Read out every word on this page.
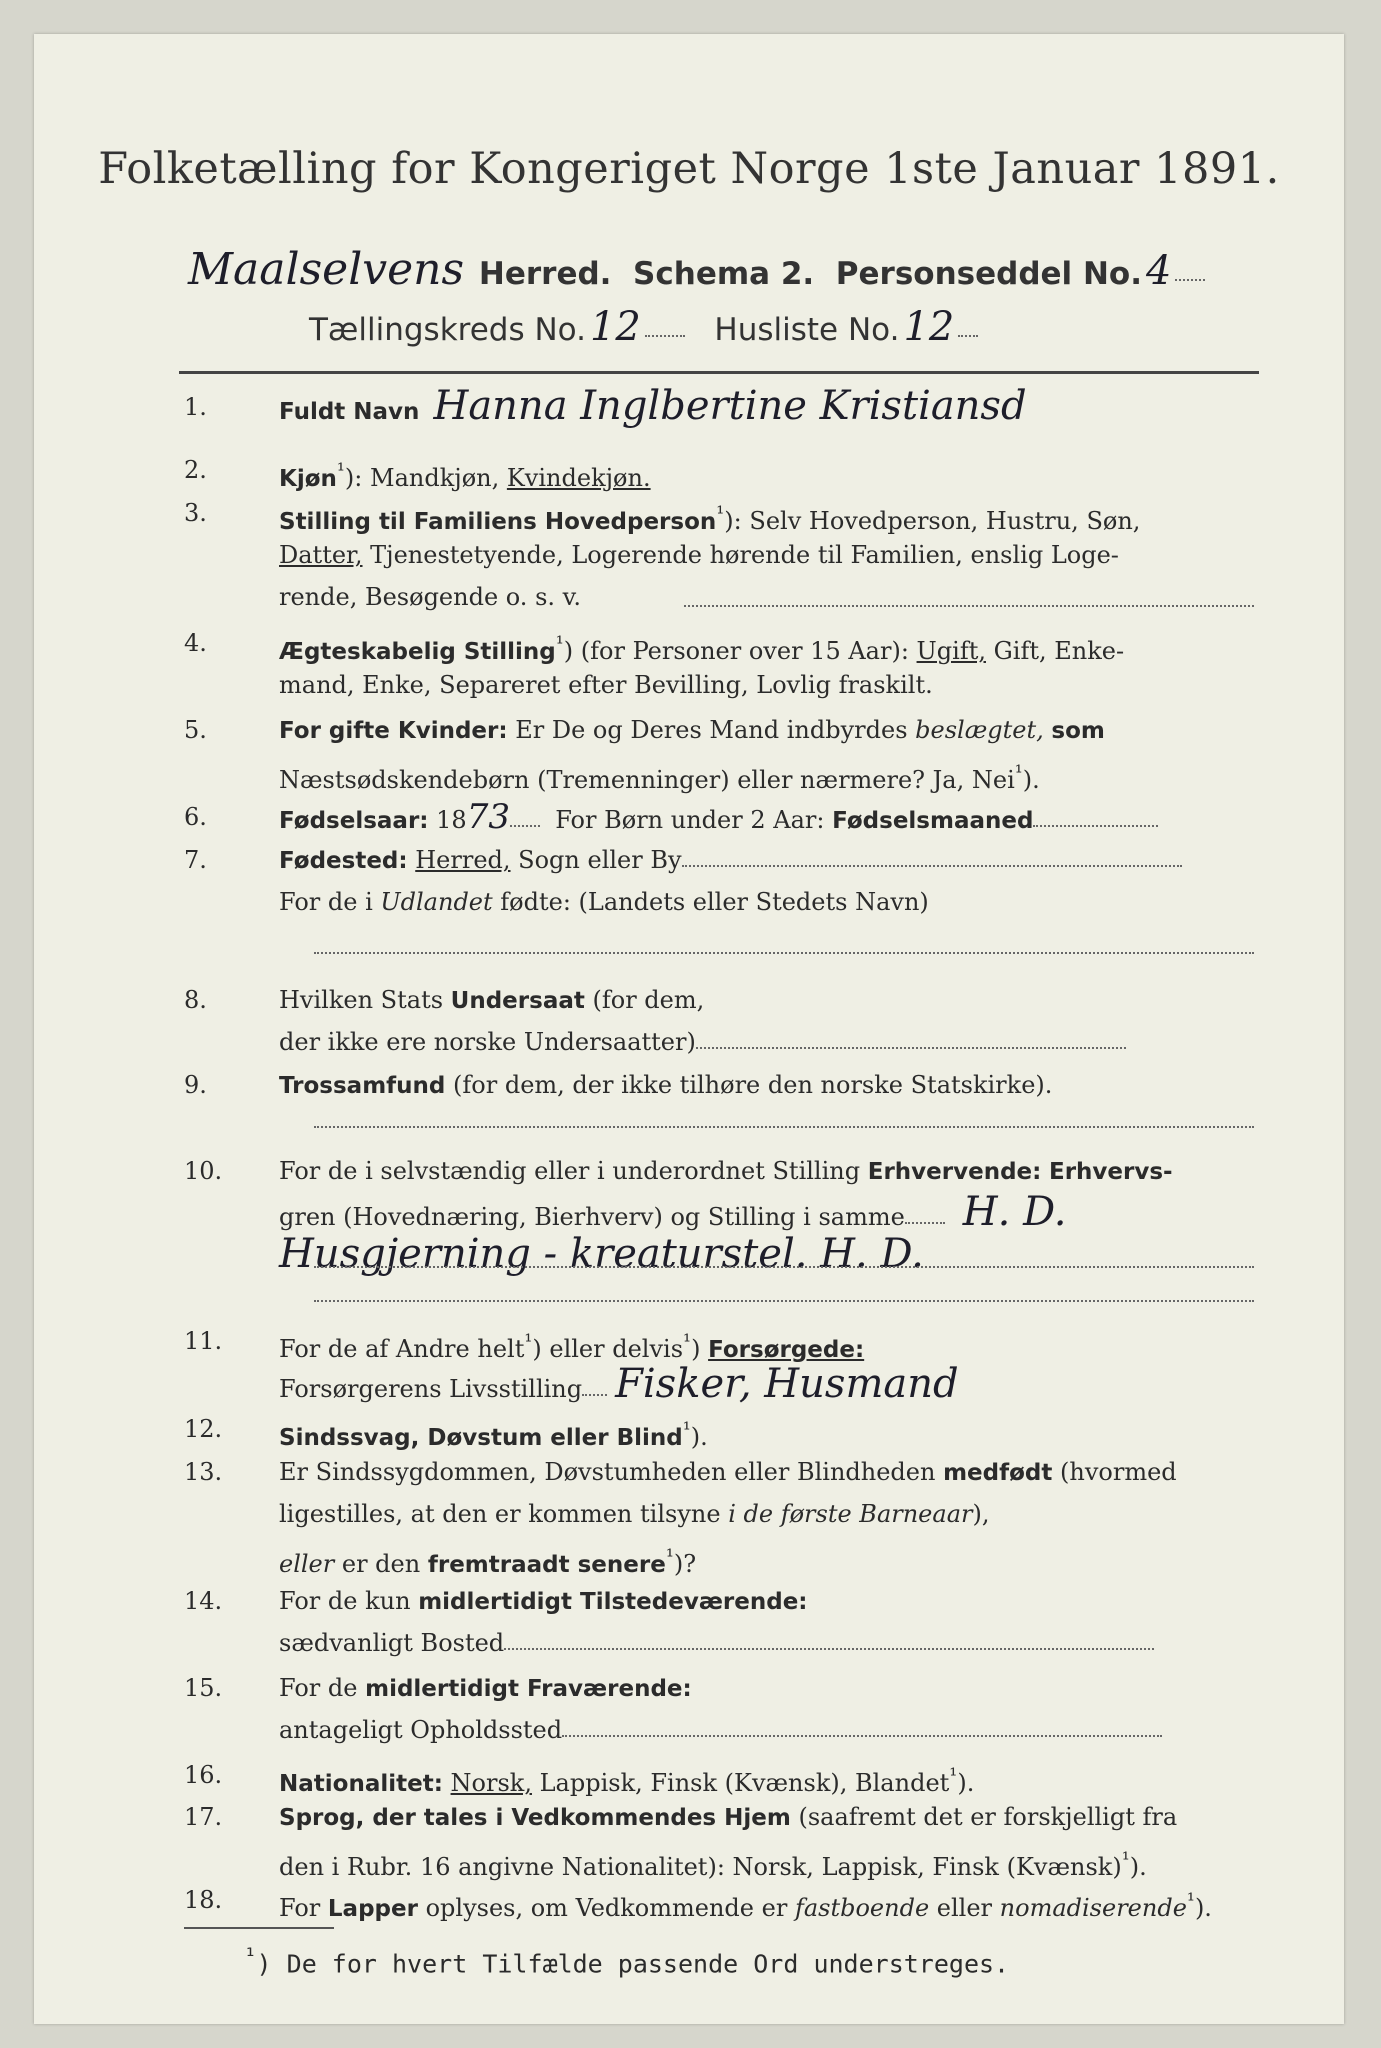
Folketælling for Kongeriget Norge 1ste Januar 1891.
Maalselvens Herred. Schema 2. Personseddel No. 4
Tællingskreds No. 12 Husliste No. 12
1.	Fuldt Navn Hanna Inglbertine Kristiansd
2.	Kjøn$^{^1}$): Mandkjøn, Kvindekjøn.
3.	Stilling til Familiens Hovedperson$^{^1}$): Selv Hovedperson, Hustru, Søn,
Datter, Tjenestetyende, Logerende hørende til Familien, enslig Loge-
rende, Besøgende o. s. v.
4.	Ægteskabelig Stilling$^{^1}$) (for Personer over 15 Aar): Ugift, Gift, Enke-
mand, Enke, Separeret efter Bevilling, Lovlig fraskilt.
5.	For gifte Kvinder: Er De og Deres Mand indbyrdes beslægtet, som
Næstsødskendebørn (Tremenninger) eller nærmere? Ja, Nei$^{^1}$).
6.	Fødselsaar: 1873 For Børn under 2 Aar: Fødselsmaaned
7.	Fødested: Herred, Sogn eller By
For de i Udlandet fødte: (Landets eller Stedets Navn)
8.	Hvilken Stats Undersaat (for dem,
der ikke ere norske Undersaatter)
9.	Trossamfund (for dem, der ikke tilhøre den norske Statskirke).
10.	For de i selvstændig eller i underordnet Stilling Erhvervende: Erhvervs-
gren (Hovednæring, Bierhverv) og Stilling i samme H. D.
Husgjerning - kreaturstel. H. D.
11.	For de af Andre helt$^{^1}$) eller delvis$^{^1}$) Forsørgede:
Forsørgerens Livsstilling Fisker, Husmand
12.	Sindssvag, Døvstum eller Blind$^{^1}$).
13.	Er Sindssygdommen, Døvstumheden eller Blindheden medfødt (hvormed
ligestilles, at den er kommen tilsyne i de første Barneaar),
eller er den fremtraadt senere$^{^1}$)?
14.	For de kun midlertidigt Tilstedeværende:
sædvanligt Bosted
15.	For de midlertidigt Fraværende:
antageligt Opholdssted
16.	Nationalitet: Norsk, Lappisk, Finsk (Kvænsk), Blandet$^{^1}$).
17.	Sprog, der tales i Vedkommendes Hjem (saafremt det er forskjelligt fra
den i Rubr. 16 angivne Nationalitet): Norsk, Lappisk, Finsk (Kvænsk)$^{^1}$).
18.	For Lapper oplyses, om Vedkommende er fastboende eller nomadiserende$^{^1}$).
$^{^1}$) De for hvert Tilfælde passende Ord understreges.
